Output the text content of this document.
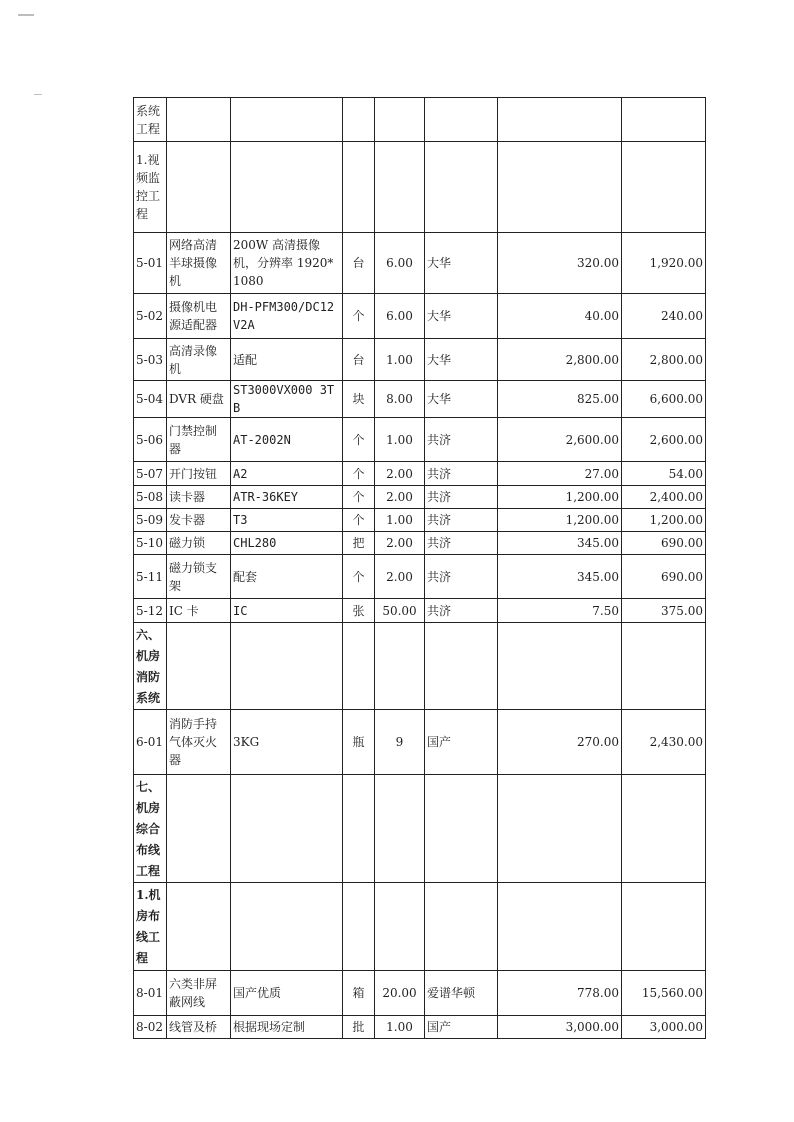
系统工程							
1.视频监控工程							
5-01	网络高清半球摄像机	200W 高清摄像机，分辨率 1920*1080	台	6.00	大华	320.00	1,920.00
5-02	摄像机电源适配器	DH-PFM300/DC12V2A	个	6.00	大华	40.00	240.00
5-03	高清录像机	适配	台	1.00	大华	2,800.00	2,800.00
5-04	DVR 硬盘	ST3000VX000 3TB	块	8.00	大华	825.00	6,600.00
5-06	门禁控制器	AT-2002N	个	1.00	共济	2,600.00	2,600.00
5-07	开门按钮	A2	个	2.00	共济	27.00	54.00
5-08	读卡器	ATR-36KEY	个	2.00	共济	1,200.00	2,400.00
5-09	发卡器	T3	个	1.00	共济	1,200.00	1,200.00
5-10	磁力锁	CHL280	把	2.00	共济	345.00	690.00
5-11	磁力锁支架	配套	个	2.00	共济	345.00	690.00
5-12	IC 卡	IC	张	50.00	共济	7.50	375.00
六、机房消防系统							
6-01	消防手持气体灭火器	3KG	瓶	9	国产	270.00	2,430.00
七、机房综合布线工程							
1.机房布线工程							
8-01	六类非屏蔽网线	国产优质	箱	20.00	爱谱华顿	778.00	15,560.00
8-02	线管及桥	根据现场定制	批	1.00	国产	3,000.00	3,000.00
